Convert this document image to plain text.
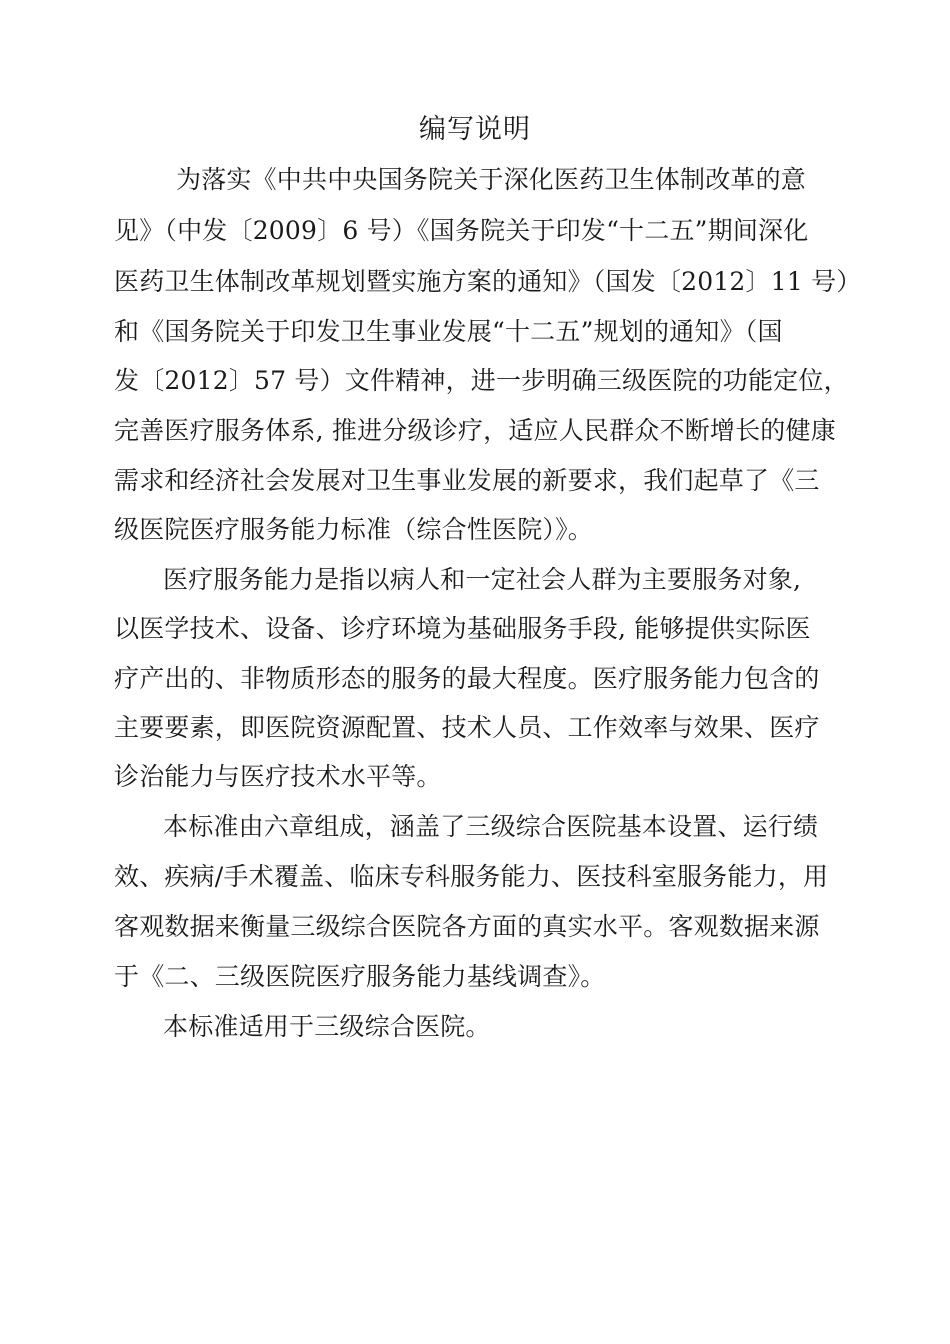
编写说明
为落实《中共中央国务院关于深化医药卫生体制改革的意
见》（中发〔2009〕6 号）《国务院关于印发“十二五”期间深化
医药卫生体制改革规划暨实施方案的通知》（国发〔2012〕11 号）
和《国务院关于印发卫生事业发展“十二五”规划的通知》（国
发〔2012〕57 号）文件精神，进一步明确三级医院的功能定位，
完善医疗服务体系, 推进分级诊疗，适应人民群众不断增长的健康
需求和经济社会发展对卫生事业发展的新要求，我们起草了《三
级医院医疗服务能力标准（综合性医院）》。
医疗服务能力是指以病人和一定社会人群为主要服务对象,
以医学技术、设备、诊疗环境为基础服务手段, 能够提供实际医
疗产出的、非物质形态的服务的最大程度。医疗服务能力包含的
主要要素，即医院资源配置、技术人员、工作效率与效果、医疗
诊治能力与医疗技术水平等。
本标准由六章组成，涵盖了三级综合医院基本设置、运行绩
效、疾病/手术覆盖、临床专科服务能力、医技科室服务能力，用
客观数据来衡量三级综合医院各方面的真实水平。客观数据来源
于《二、三级医院医疗服务能力基线调查》。
本标准适用于三级综合医院。
